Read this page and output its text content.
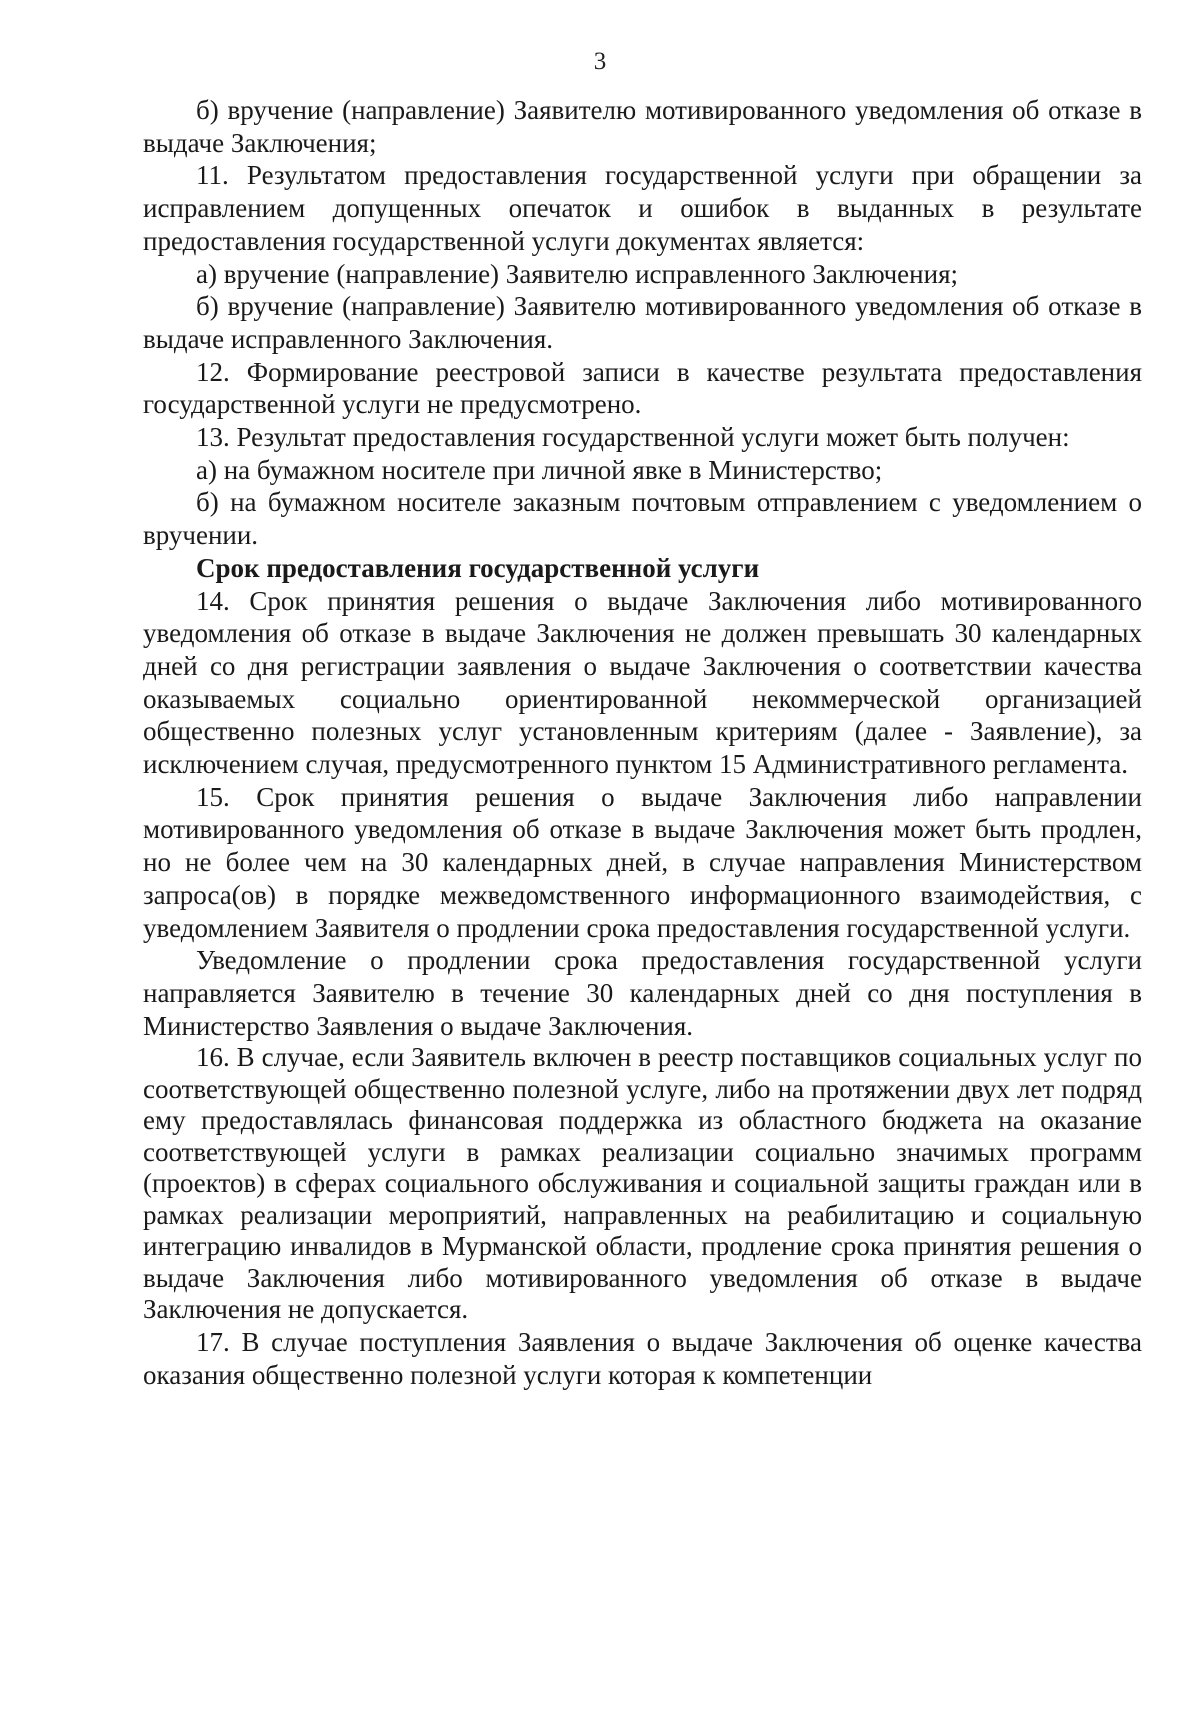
3

б) вручение (направление) Заявителю мотивированного уведомления об отказе в выдаче Заключения;

11. Результатом предоставления государственной услуги при обращении за исправлением допущенных опечаток и ошибок в выданных в результате предоставления государственной услуги документах является:

а) вручение (направление) Заявителю исправленного Заключения;

б) вручение (направление) Заявителю мотивированного уведомления об отказе в выдаче исправленного Заключения.

12. Формирование реестровой записи в качестве результата предоставления государственной услуги не предусмотрено.

13. Результат предоставления государственной услуги может быть получен:

а) на бумажном носителе при личной явке в Министерство;

б) на бумажном носителе заказным почтовым отправлением с уведомлением о вручении.

Срок предоставления государственной услуги

14. Срок принятия решения о выдаче Заключения либо мотивированного уведомления об отказе в выдаче Заключения не должен превышать 30 календарных дней со дня регистрации заявления о выдаче Заключения о соответствии качества оказываемых социально ориентированной некоммерческой организацией общественно полезных услуг установленным критериям (далее - Заявление), за исключением случая, предусмотренного пунктом 15 Административного регламента.

15. Срок принятия решения о выдаче Заключения либо направлении мотивированного уведомления об отказе в выдаче Заключения может быть продлен, но не более чем на 30 календарных дней, в случае направления Министерством запроса(ов) в порядке межведомственного информационного взаимодействия, с уведомлением Заявителя о продлении срока предоставления государственной услуги.

Уведомление о продлении срока предоставления государственной услуги направляется Заявителю в течение 30 календарных дней со дня поступления в Министерство Заявления о выдаче Заключения.

16. В случае, если Заявитель включен в реестр поставщиков социальных услуг по соответствующей общественно полезной услуге, либо на протяжении двух лет подряд ему предоставлялась финансовая поддержка из областного бюджета на оказание соответствующей услуги в рамках реализации социально значимых программ (проектов) в сферах социального обслуживания и социальной защиты граждан или в рамках реализации мероприятий, направленных на реабилитацию и социальную интеграцию инвалидов в Мурманской области, продление срока принятия решения о выдаче Заключения либо мотивированного уведомления об отказе в выдаче Заключения не допускается.

17. В случае поступления Заявления о выдаче Заключения об оценке качества оказания общественно полезной услуги которая к компетенции
